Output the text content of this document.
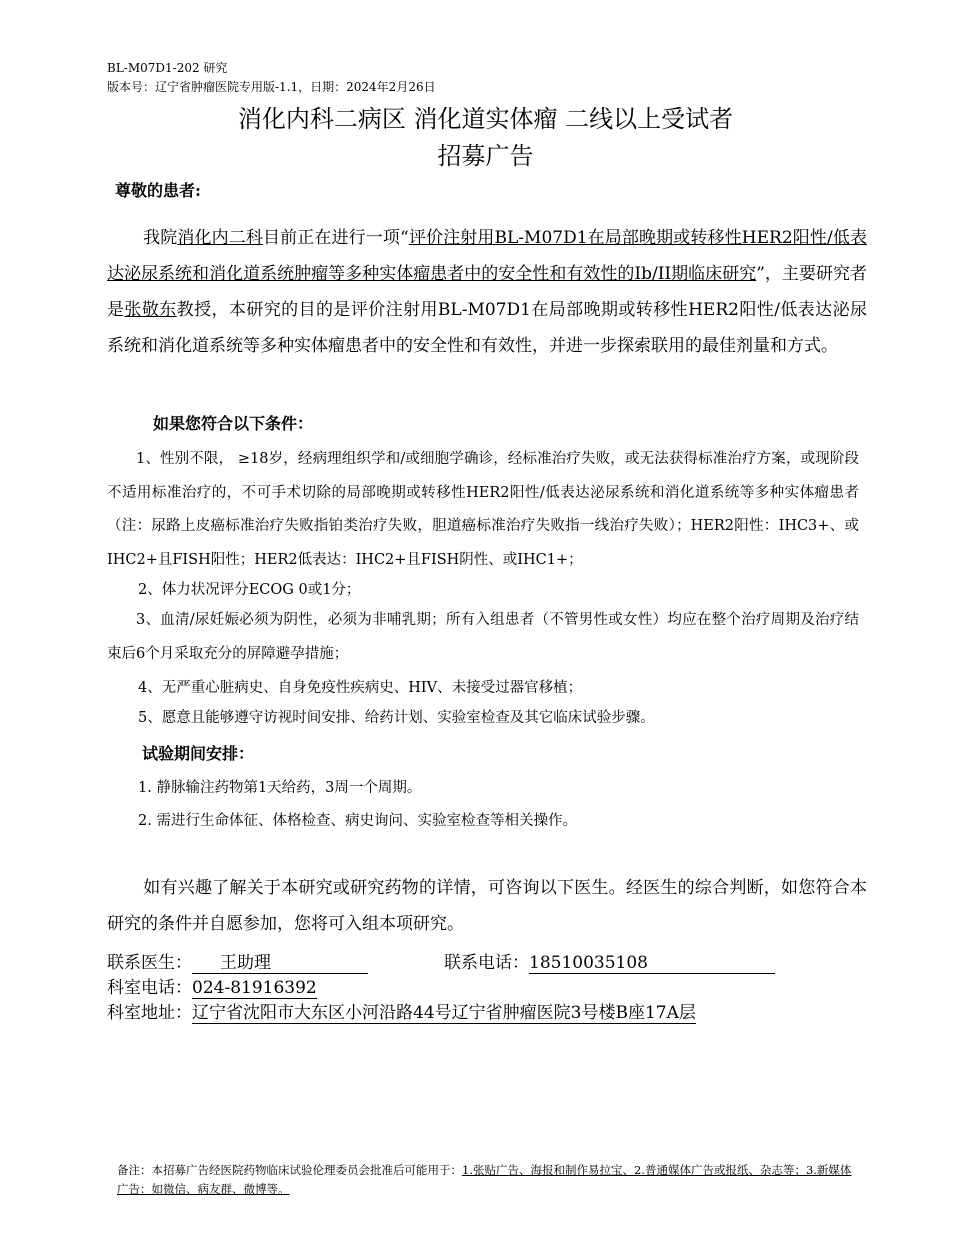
BL-M07D1-202 研究
版本号：辽宁省肿瘤医院专用版-1.1，日期：2024年2月26日
消化内科二病区 消化道实体瘤 二线以上受试者
招募广告
尊敬的患者:
我院消化内二科目前正在进行一项“评价注射用BL-M07D1在局部晚期或转移性HER2阳性/低表达泌尿系统和消化道系统肿瘤等多种实体瘤患者中的安全性和有效性的Ib/II期临床研究”，主要研究者是张敬东教授，本研究的目的是评价注射用BL-M07D1在局部晚期或转移性HER2阳性/低表达泌尿系统和消化道系统等多种实体瘤患者中的安全性和有效性，并进一步探索联用的最佳剂量和方式。
如果您符合以下条件：
1、性别不限， ≥18岁，经病理组织学和/或细胞学确诊，经标准治疗失败，或无法获得标准治疗方案，或现阶段不适用标准治疗的，不可手术切除的局部晚期或转移性HER2阳性/低表达泌尿系统和消化道系统等多种实体瘤患者（注：尿路上皮癌标准治疗失败指铂类治疗失败，胆道癌标准治疗失败指一线治疗失败）；HER2阳性：IHC3+、或IHC2+且FISH阳性；HER2低表达：IHC2+且FISH阴性、或IHC1+；
2、体力状况评分ECOG 0或1分；
3、血清/尿妊娠必须为阴性，必须为非哺乳期；所有入组患者（不管男性或女性）均应在整个治疗周期及治疗结束后6个月采取充分的屏障避孕措施；
4、无严重心脏病史、自身免疫性疾病史、HIV、未接受过器官移植；
5、愿意且能够遵守访视时间安排、给药计划、实验室检查及其它临床试验步骤。
试验期间安排：
1. 静脉输注药物第1天给药，3周一个周期。
2. 需进行生命体征、体格检查、病史询问、实验室检查等相关操作。
如有兴趣了解关于本研究或研究药物的详情，可咨询以下医生。经医生的综合判断，如您符合本研究的条件并自愿参加，您将可入组本项研究。
联系医生： 王助理	联系电话：18510035108
科室电话：024-81916392
科室地址：辽宁省沈阳市大东区小河沿路44号辽宁省肿瘤医院3号楼B座17A层
备注：本招募广告经医院药物临床试验伦理委员会批准后可能用于：1.张贴广告、海报和制作易拉宝、2.普通媒体广告或报纸、杂志等；3.新媒体广告：如微信、病友群、微博等。
